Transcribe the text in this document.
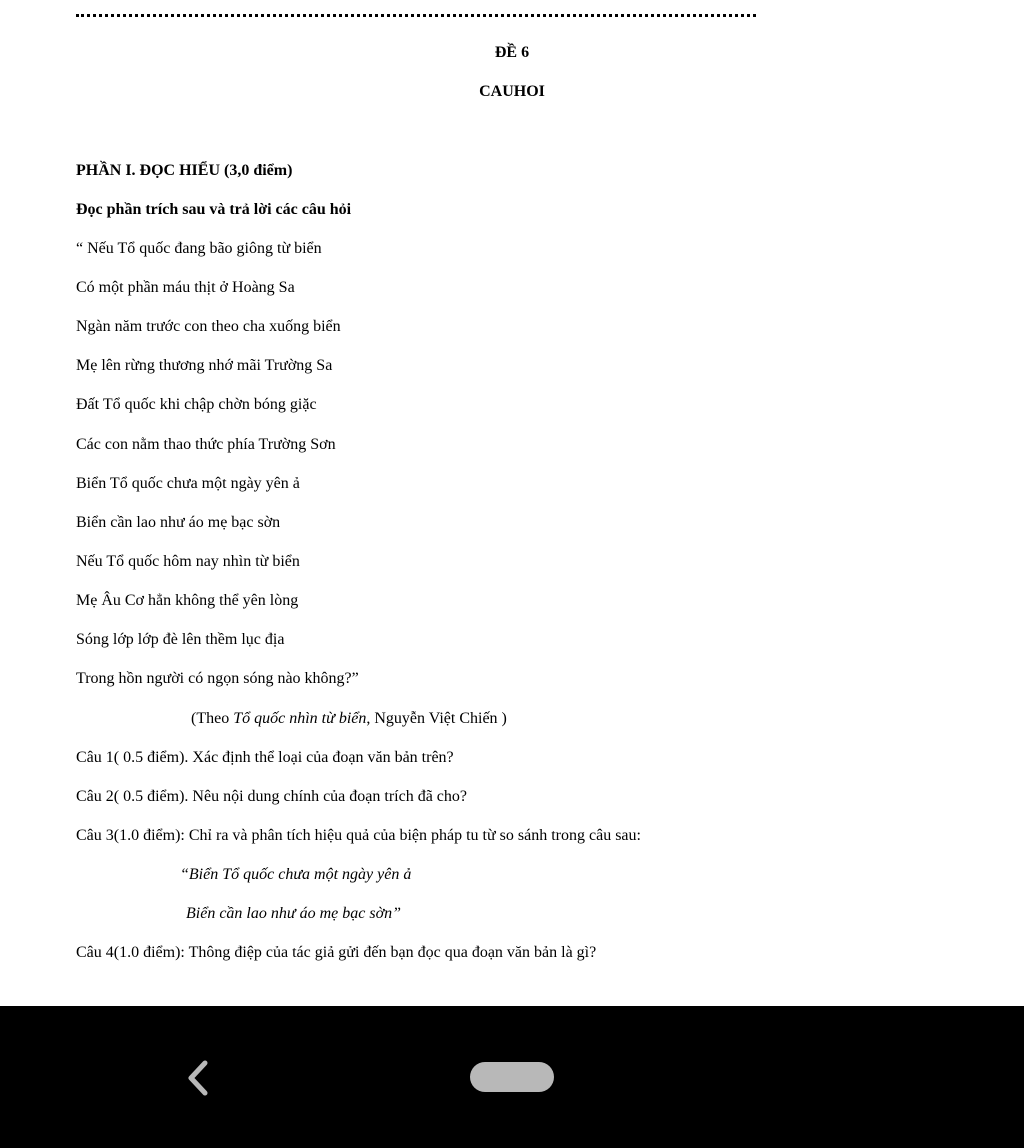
ĐỀ 6
CAUHOI
PHẦN I. ĐỌC HIỂU (3,0 điểm)
Đọc phần trích sau và trả lời các câu hỏi
“ Nếu Tổ quốc đang bão giông từ biển
Có một phần máu thịt ở Hoàng Sa
Ngàn năm trước con theo cha xuống biển
Mẹ lên rừng thương nhớ mãi Trường Sa
Đất Tổ quốc khi chập chờn bóng giặc
Các con nằm thao thức phía Trường Sơn
Biển Tổ quốc chưa một ngày yên ả
Biển cần lao như áo mẹ bạc sờn
Nếu Tổ quốc hôm nay nhìn từ biển
Mẹ Âu Cơ hẳn không thể yên lòng
Sóng lớp lớp đè lên thềm lục địa
Trong hồn người có ngọn sóng nào không?”
(Theo Tổ quốc nhìn từ biển, Nguyễn Việt Chiến )
Câu 1( 0.5 điểm). Xác định thể loại của đoạn văn bản trên?
Câu 2( 0.5 điểm). Nêu nội dung chính của đoạn trích đã cho?
Câu 3(1.0 điểm): Chỉ ra và phân tích hiệu quả của biện pháp tu từ so sánh trong câu sau:
“Biển Tổ quốc chưa một ngày yên ả
Biển cần lao như áo mẹ bạc sờn”
Câu 4(1.0 điểm): Thông điệp của tác giả gửi đến bạn đọc qua đoạn văn bản là gì?
